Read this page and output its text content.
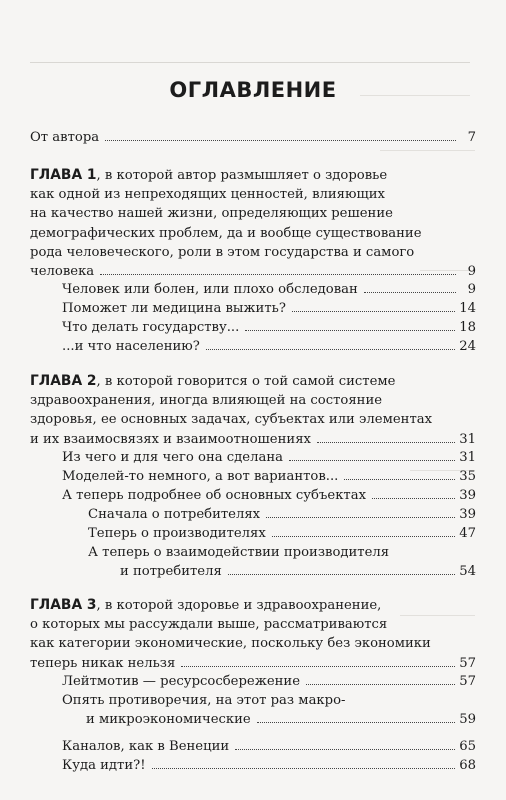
ОГЛАВЛЕНИЕ
От автора	7
ГЛАВА 1, в которой автор размышляет о здоровье
как одной из непреходящих ценностей, влияющих
на качество нашей жизни, определяющих решение
демографических проблем, да и вообще существование
рода человеческого, роли в этом государства и самого
человека	9
Человек или болен, или плохо обследован	9
Поможет ли медицина выжить?	14
Что делать государству...	18
...и что населению?	24
ГЛАВА 2, в которой говорится о той самой системе
здравоохранения, иногда влияющей на состояние
здоровья, ее основных задачах, субъектах или элементах
и их взаимосвязях и взаимоотношениях	31
Из чего и для чего она сделана	31
Моделей-то немного, а вот вариантов...	35
А теперь подробнее об основных субъектах	39
Сначала о потребителях	39
Теперь о производителях	47
А теперь о взаимодействии производителя
и потребителя	54
ГЛАВА 3, в которой здоровье и здравоохранение,
о которых мы рассуждали выше, рассматриваются
как категории экономические, поскольку без экономики
теперь никак нельзя	57
Лейтмотив — ресурсосбережение	57
Опять противоречия, на этот раз макро-
и микроэкономические	59
Каналов, как в Венеции	65
Куда идти?!	68
